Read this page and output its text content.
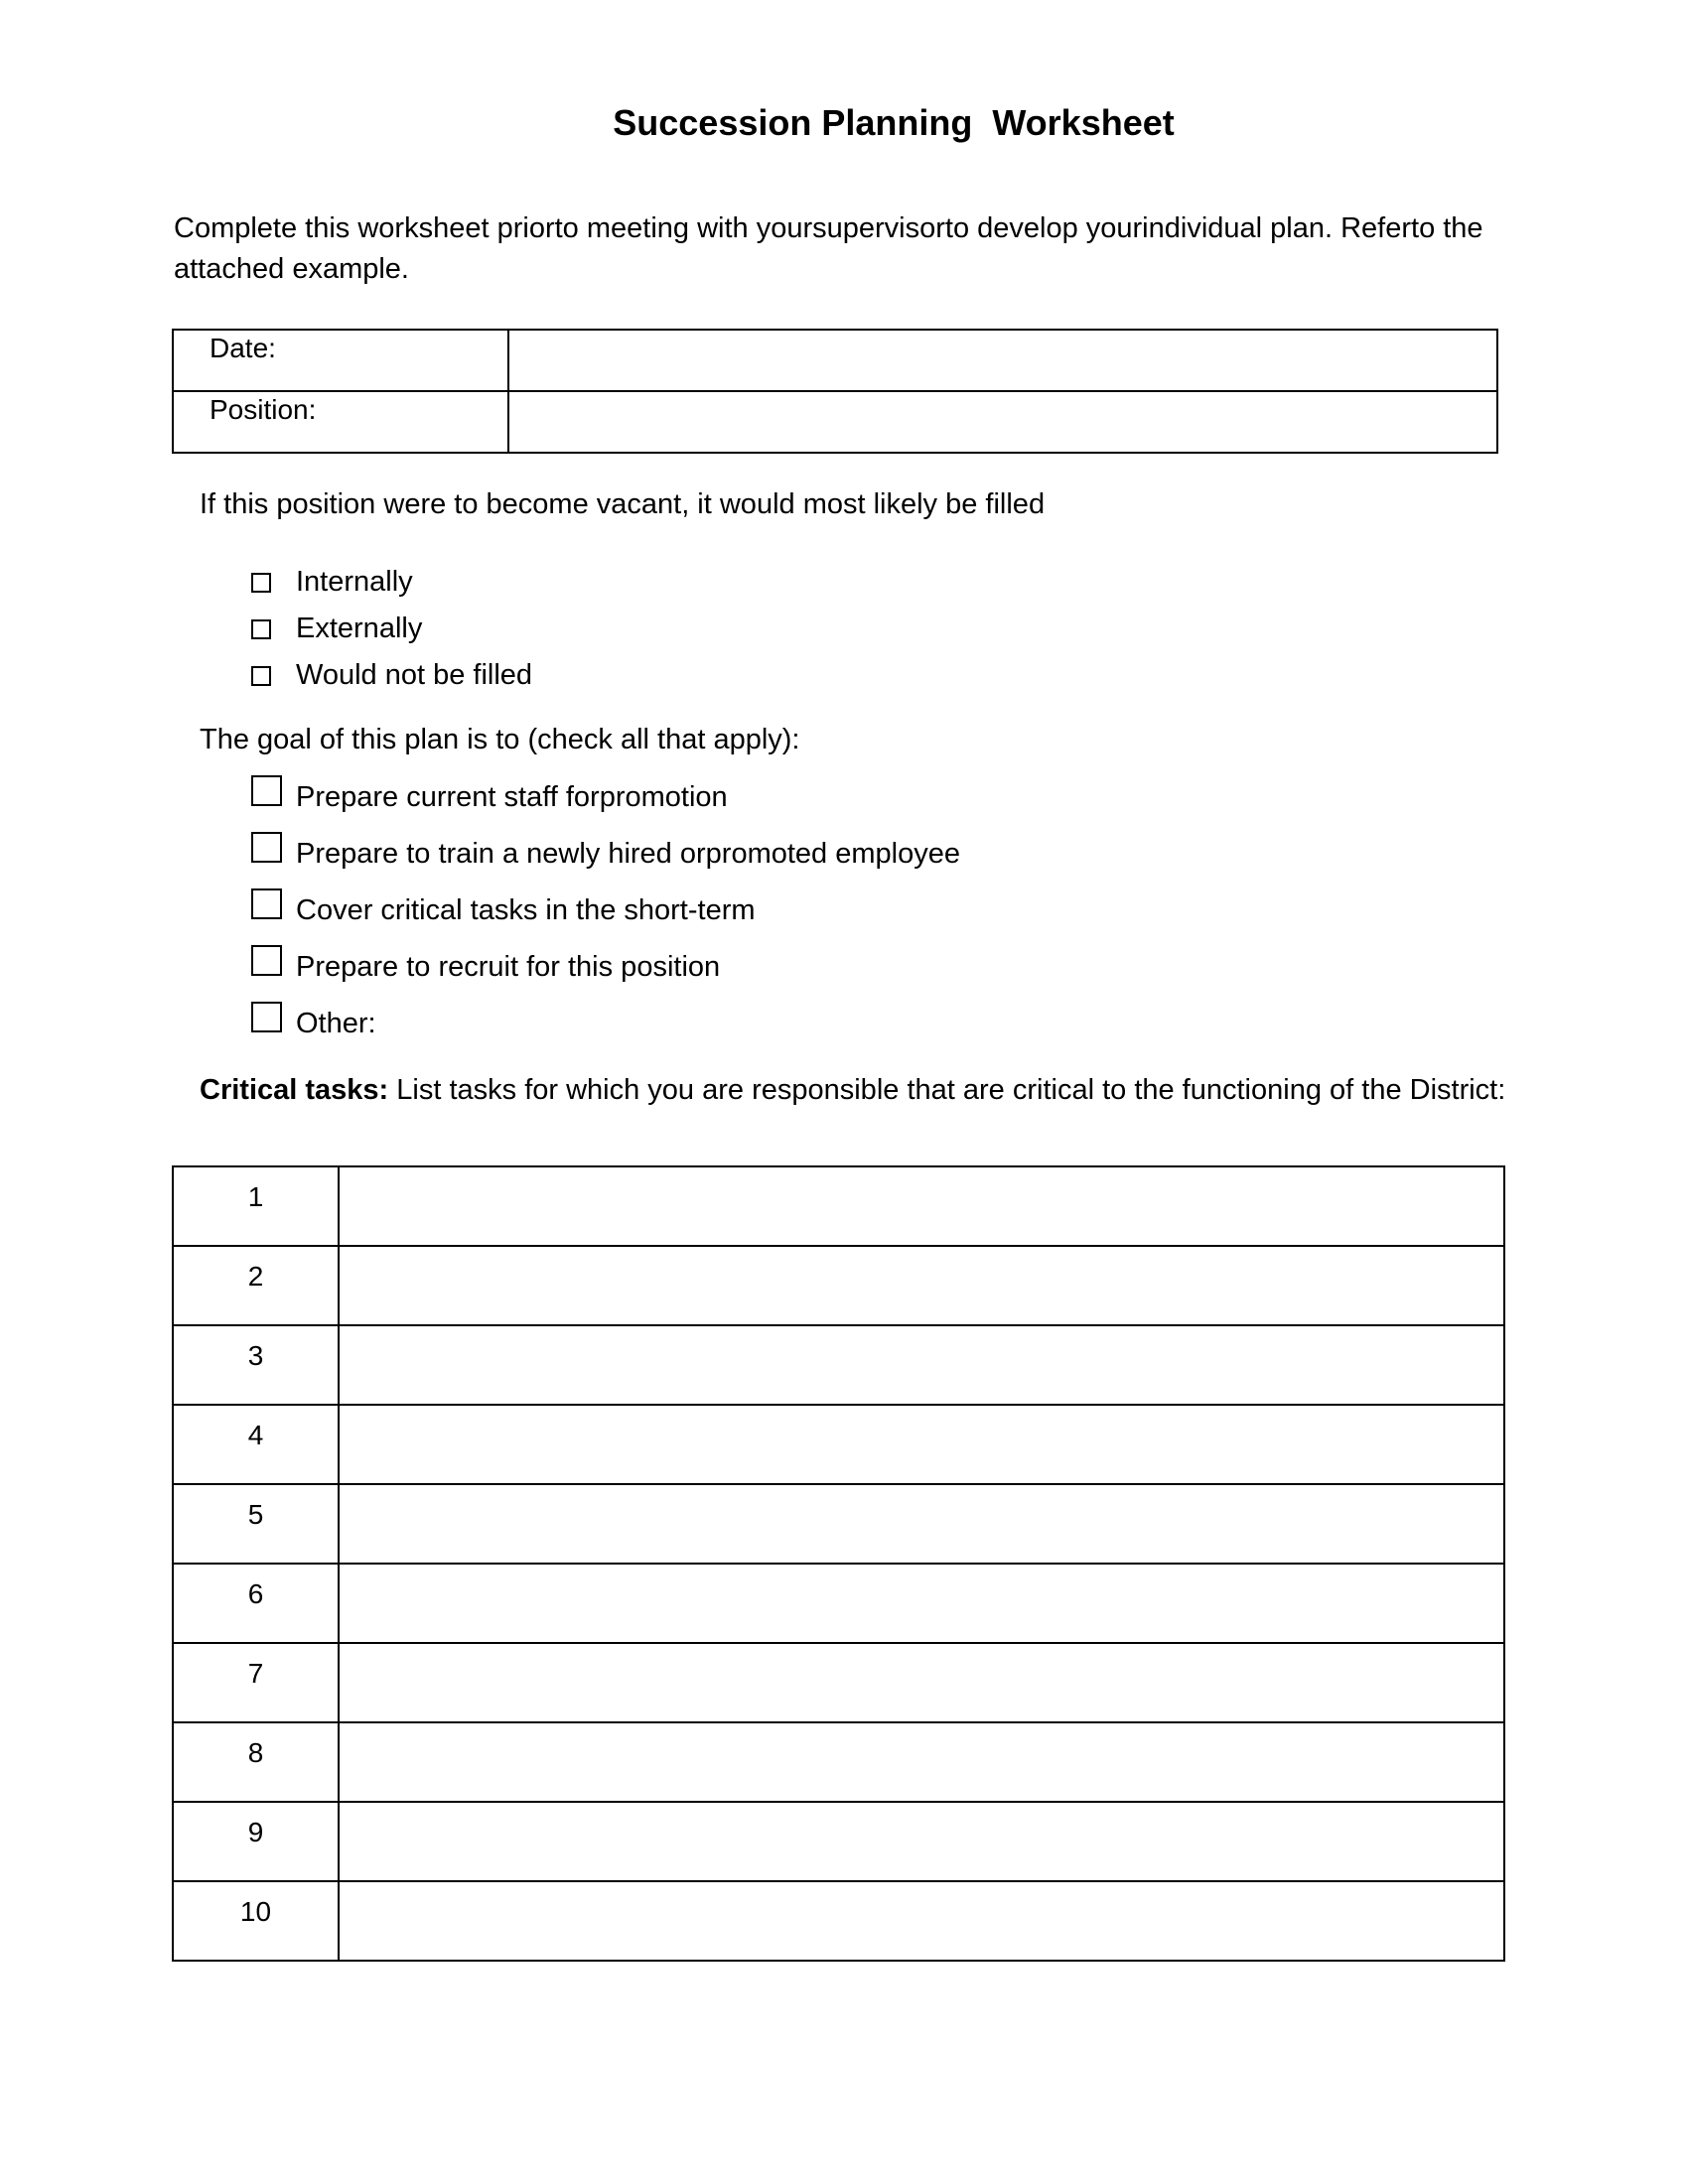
Succession Planning  Worksheet
Complete this worksheet priorto meeting with yoursupervisorto develop yourindividual plan. Referto the attached example.
Date:	
Position:	
If this position were to become vacant, it would most likely be filled
Internally
Externally
Would not be filled
The goal of this plan is to (check all that apply):
Prepare current staff forpromotion
Prepare to train a newly hired orpromoted employee
Cover critical tasks in the short-term
Prepare to recruit for this position
Other:
Critical tasks: List tasks for which you are responsible that are critical to the functioning of the District:
1	
2	
3	
4	
5	
6	
7	
8	
9	
10	
